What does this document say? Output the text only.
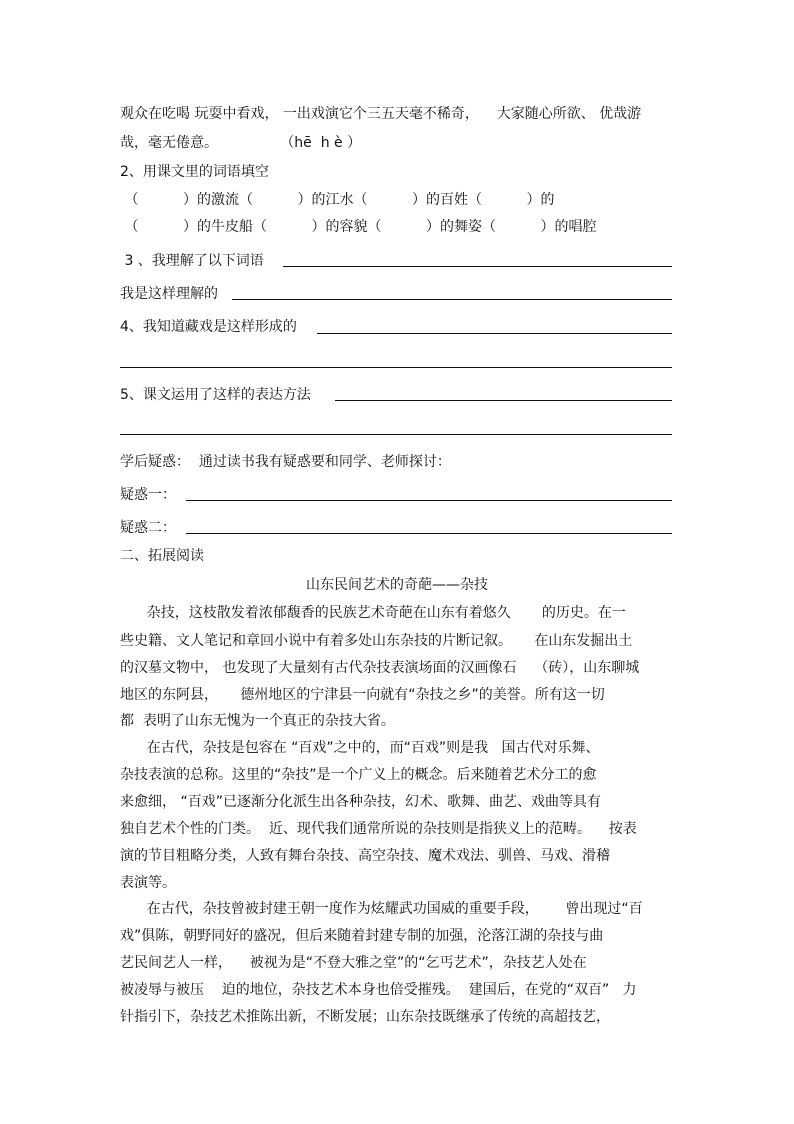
观众在吃喝 玩耍中看戏， 一出戏演它个三五天毫不稀奇，    大家随心所欲、 优哉游
哉，毫无倦意。              （hē  h è ）
2、用课文里的词语填空
（          ）的激流（          ）的江水（          ）的百姓（          ）的
（          ）的牛皮船（          ）的容貌（          ）的舞姿（          ）的唱腔
3 、我理解了以下词语
我是这样理解的
4、我知道藏戏是这样形成的
5、课文运用了这样的表达方法
学后疑惑：  通过读书我有疑惑要和同学、老师探讨：
疑惑一：
疑惑二：
二、拓展阅读
山东民间艺术的奇葩——杂技
杂技，这枝散发着浓郁馥香的民族艺术奇葩在山东有着悠久       的历史。在一
些史籍、文人笔记和章回小说中有着多处山东杂技的片断记叙。     在山东发掘出土
的汉墓文物中， 也发现了大量刻有古代杂技表演场面的汉画像石    （砖），山东聊城
地区的东阿县，     德州地区的宁津县一向就有“杂技之乡”的美誉。所有这一切
都  表明了山东无愧为一个真正的杂技大省。
在古代，杂技是包容在 “百戏”之中的，而“百戏”则是我   国古代对乐舞、
杂技表演的总称。这里的“杂技”是一个广义上的概念。后来随着艺术分工的愈
来愈细， “百戏”已逐渐分化派生出各种杂技，幻术、歌舞、曲艺、戏曲等具有
独自艺术个性的门类。  近、现代我们通常所说的杂技则是指狭义上的范畴。    按表
演的节目粗略分类，人致有舞台杂技、高空杂技、魔术戏法、驯兽、马戏、滑稽
表演等。
在古代，杂技曾被封建王朝一度作为炫耀武功国威的重要手段，      曾出现过“百
戏”俱陈，朝野同好的盛况，但后来随着封建专制的加强，沦落江湖的杂技与曲
艺民间艺人一样，    被视为是“不登大雅之堂”的“乞丐艺术”，杂技艺人处在
被凌辱与被压    迫的地位，杂技艺术本身也倍受摧残。  建国后，在党的“双百”   力
针指引下，杂技艺术推陈出新，不断发展；山东杂技既继承了传统的高超技艺，
